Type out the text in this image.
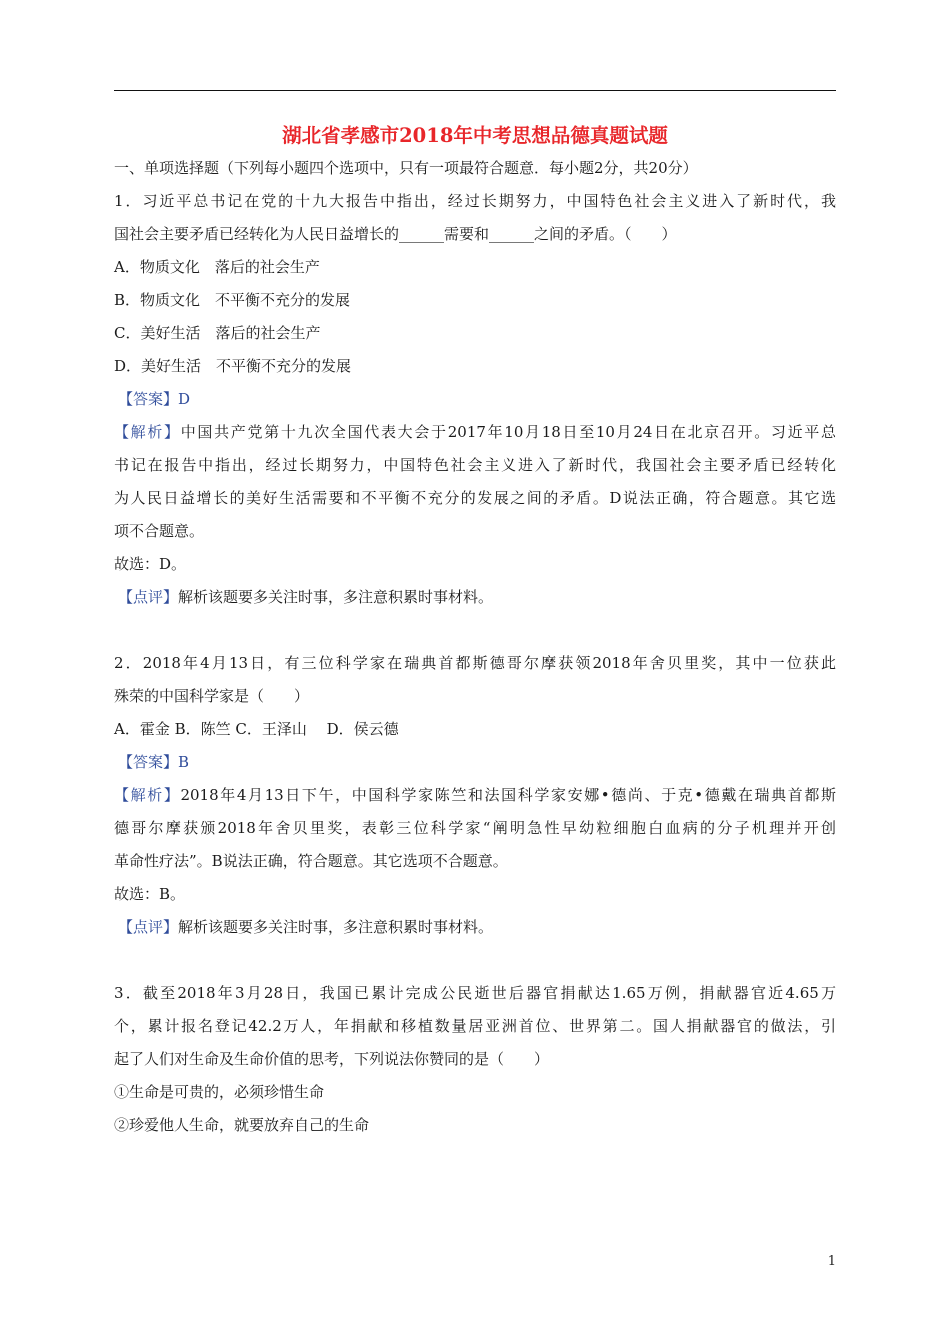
湖北省孝感市2018年中考思想品德真题试题
一、单项选择题（下列每小题四个选项中，只有一项最符合题意．每小题2分，共20分）
1．习近平总书记在党的十九大报告中指出，经过长期努力，中国特色社会主义进入了新时代，我
国社会主要矛盾已经转化为人民日益增长的______需要和______之间的矛盾。（　　）
A．物质文化　落后的社会生产
B．物质文化　不平衡不充分的发展
C．美好生活　落后的社会生产
D．美好生活　不平衡不充分的发展
【答案】D
【解析】中国共产党第十九次全国代表大会于2017年10月18日至10月24日在北京召开。习近平总
书记在报告中指出，经过长期努力，中国特色社会主义进入了新时代，我国社会主要矛盾已经转化
为人民日益增长的美好生活需要和不平衡不充分的发展之间的矛盾。D说法正确，符合题意。其它选
项不合题意。
故选：D。
【点评】解析该题要多关注时事，多注意积累时事材料。
2．2018年4月13日，有三位科学家在瑞典首都斯德哥尔摩获领2018年舍贝里奖，其中一位获此
殊荣的中国科学家是（　　）
A．霍金 B．陈竺 C．王泽山　 D．侯云德
【答案】B
【解析】2018年4月13日下午，中国科学家陈竺和法国科学家安娜•德尚、于克•德戴在瑞典首都斯
德哥尔摩获颁2018年舍贝里奖，表彰三位科学家“阐明急性早幼粒细胞白血病的分子机理并开创
革命性疗法”。B说法正确，符合题意。其它选项不合题意。
故选：B。
【点评】解析该题要多关注时事，多注意积累时事材料。
3．截至2018年3月28日，我国已累计完成公民逝世后器官捐献达1.65万例，捐献器官近4.65万
个，累计报名登记42.2万人，年捐献和移植数量居亚洲首位、世界第二。国人捐献器官的做法，引
起了人们对生命及生命价值的思考，下列说法你赞同的是（　　）
①生命是可贵的，必须珍惜生命
②珍爱他人生命，就要放弃自己的生命
1
